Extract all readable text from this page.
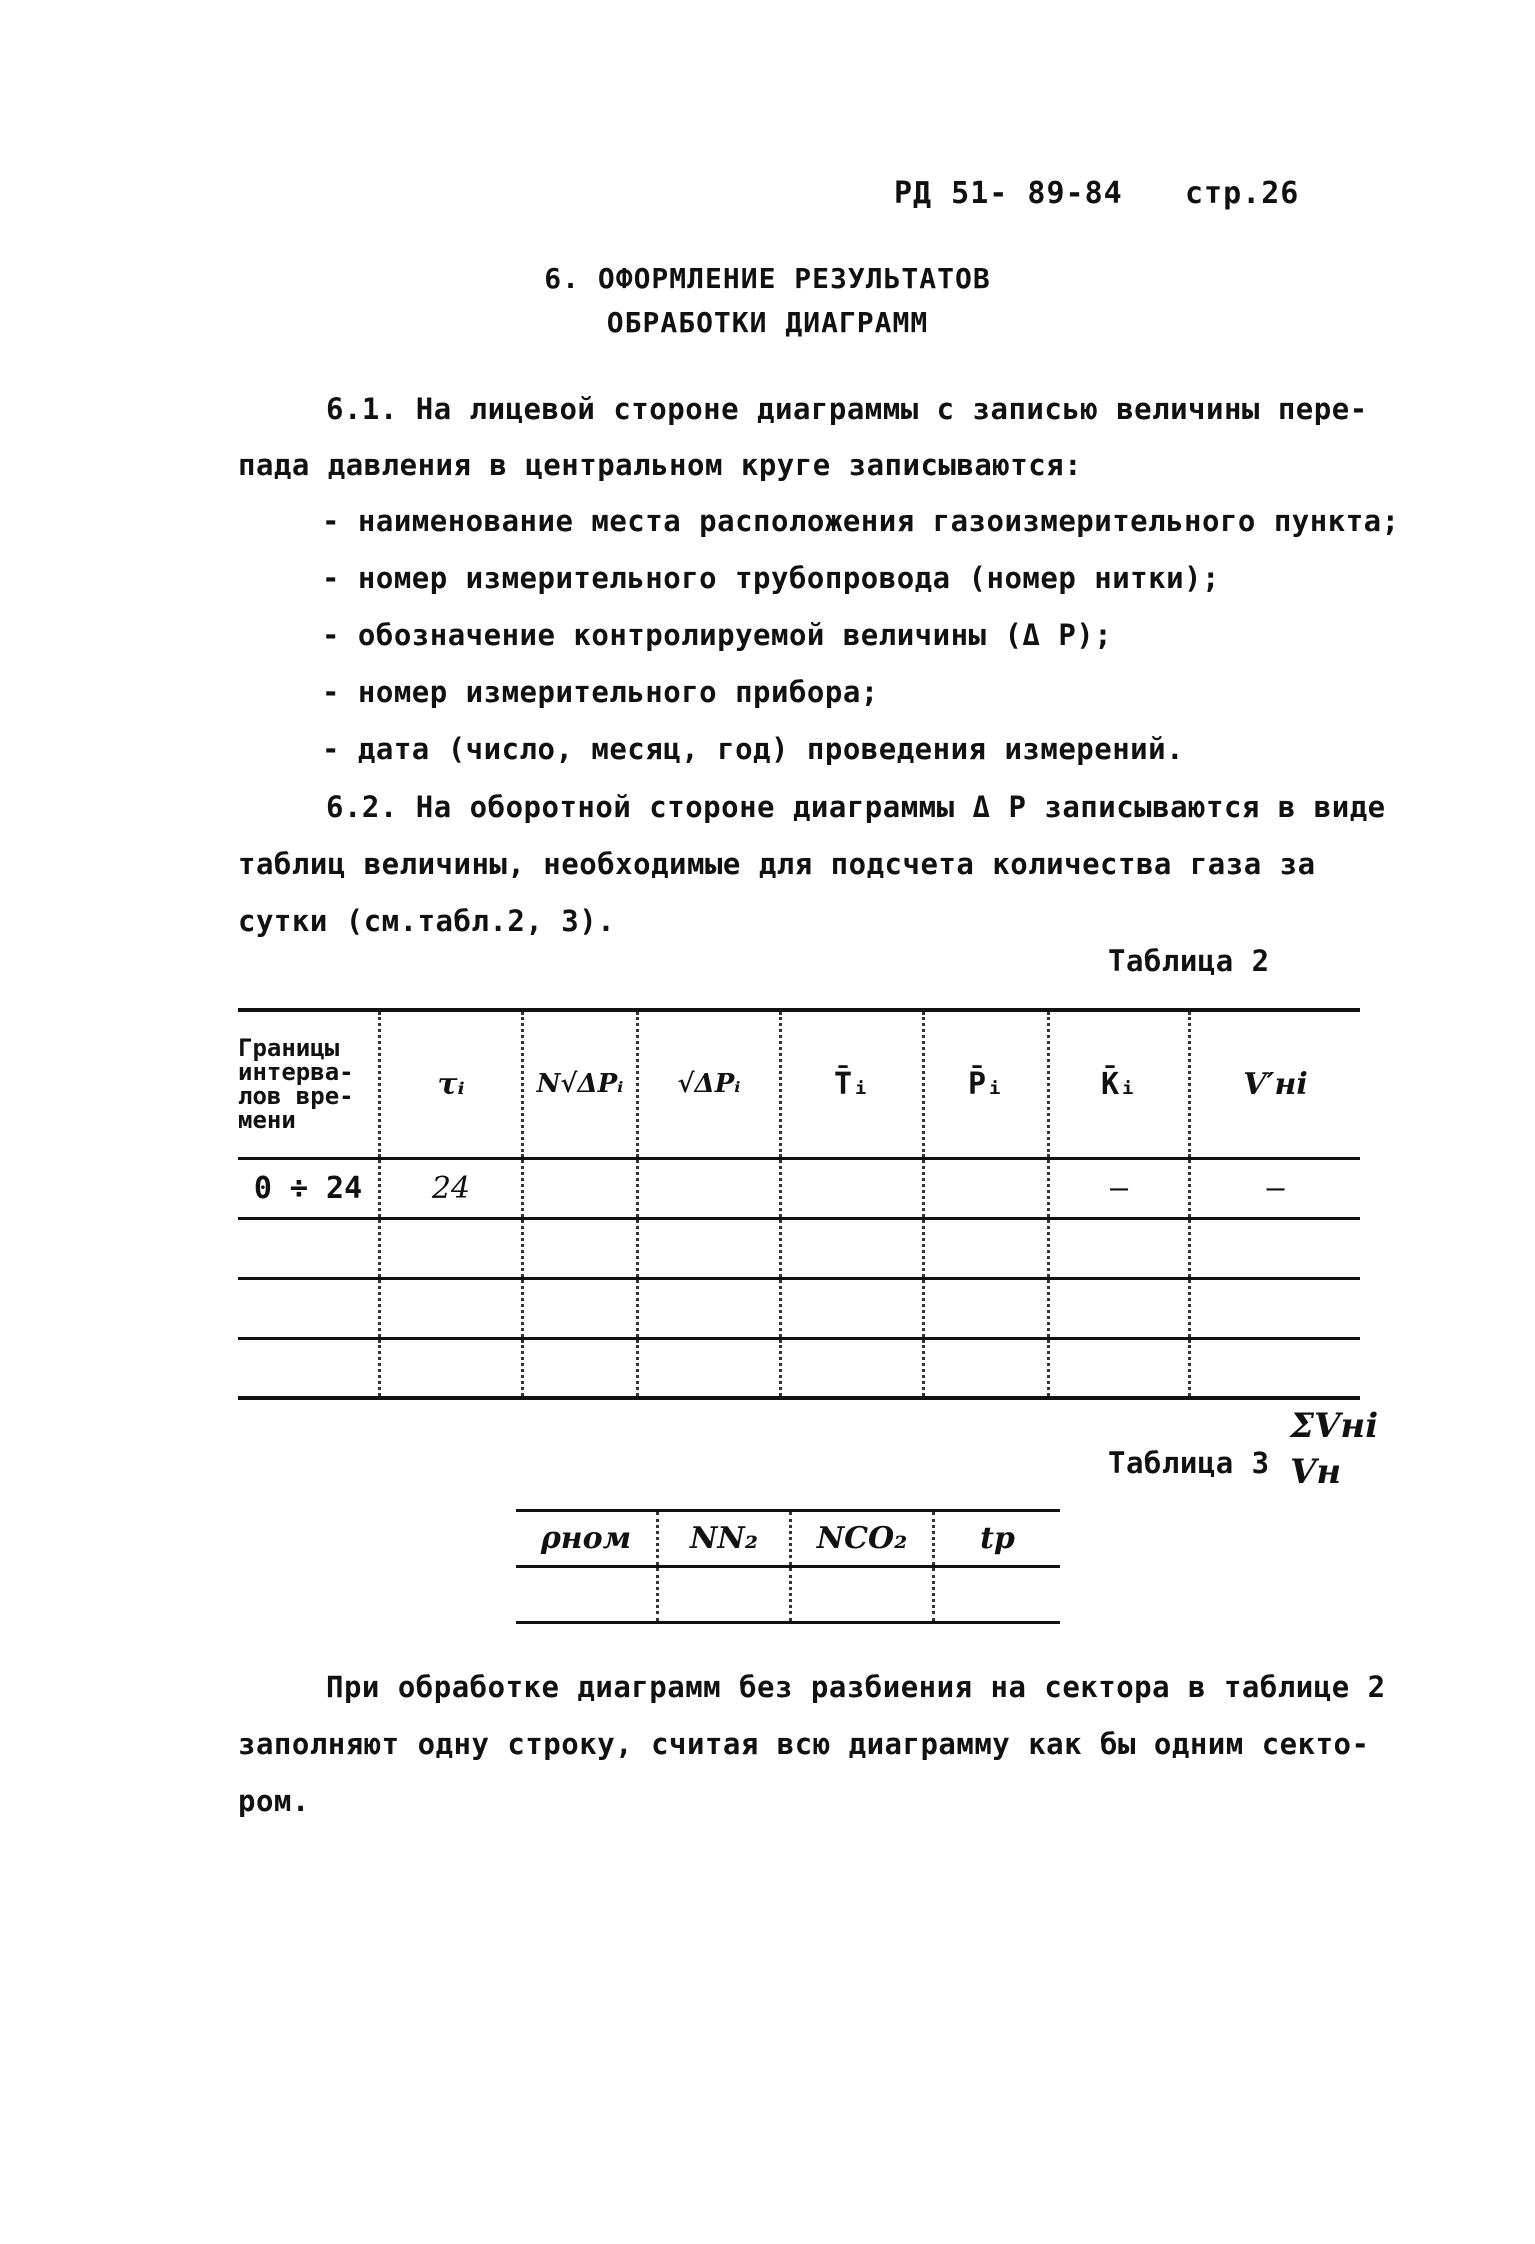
РД 51- 89-84 стр.26
6. ОФОРМЛЕНИЕ РЕЗУЛЬТАТОВ
ОБРАБОТКИ ДИАГРАММ
6.1. На лицевой стороне диаграммы с записью величины пере-
пада давления в центральном круге записываются:
- наименование места расположения газоизмерительного пункта;
- номер измерительного трубопровода (номер нитки);
- обозначение контролируемой величины (Δ Р);
- номер измерительного прибора;
- дата (число, месяц, год) проведения измерений.
6.2. На оборотной стороне диаграммы Δ Р записываются в виде
таблиц величины, необходимые для подсчета количества газа за
сутки (см.табл.2, 3).
Таблица 2
Границы интерва- лов вре- мени	τᵢ	N√ΔPᵢ	√ΔPᵢ	T̄ᵢ	P̄ᵢ	K̄ᵢ	V′нi
0 ÷ 24	24					—	—

ΣVнi
Vн
Таблица 3
ρном	NN₂	NCO₂	tp

При обработке диаграмм без разбиения на сектора в таблице 2
заполняют одну строку, считая всю диаграмму как бы одним секто-
ром.
